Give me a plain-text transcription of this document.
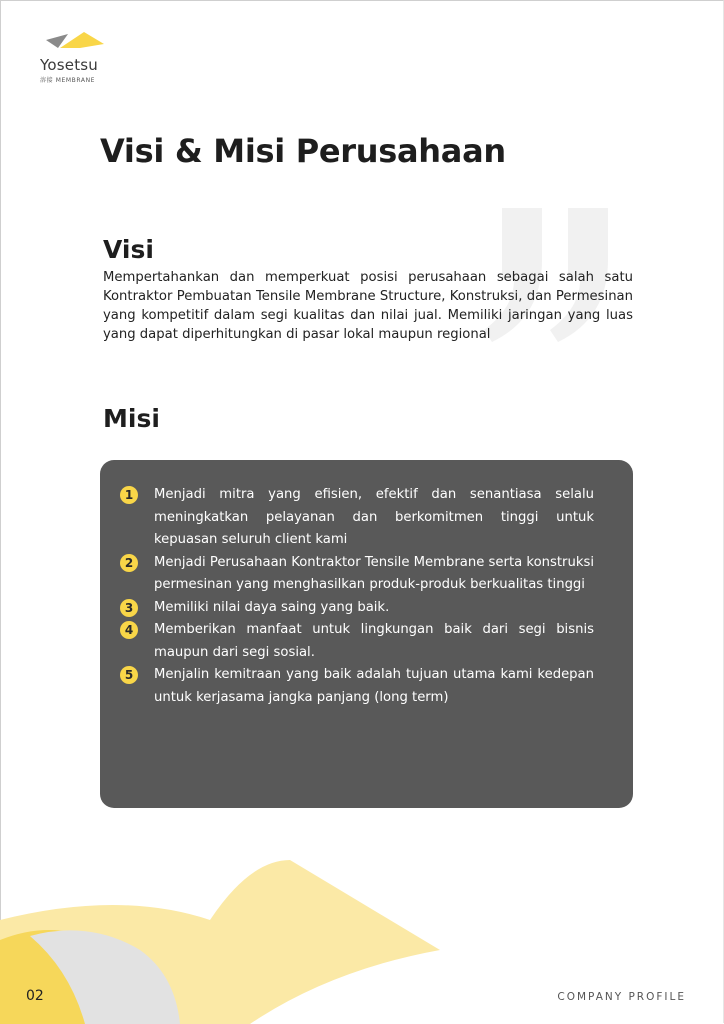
Yosetsu
溶接 MEMBRANE
Visi & Misi Perusahaan
Visi

Mempertahankan dan memperkuat posisi perusahaan sebagai salah satu Kontraktor Pembuatan Tensile Membrane Structure, Konstruksi, dan Permesinan yang kompetitif dalam segi kualitas dan nilai jual. Memiliki jaringan yang luas yang dapat diperhitungkan di pasar lokal maupun regional

Misi
1	Menjadi mitra yang efisien, efektif dan senantiasa selalu meningkatkan pelayanan dan berkomitmen tinggi untuk kepuasan seluruh client kami
2	Menjadi Perusahaan Kontraktor Tensile Membrane serta konstruksi permesinan yang menghasilkan produk-produk berkualitas tinggi
3	Memiliki nilai daya saing yang baik.
4	Memberikan manfaat untuk lingkungan baik dari segi bisnis maupun dari segi sosial.
5	Menjalin kemitraan yang baik adalah tujuan utama kami kedepan untuk kerjasama jangka panjang (long term)
02	COMPANY PROFILE
